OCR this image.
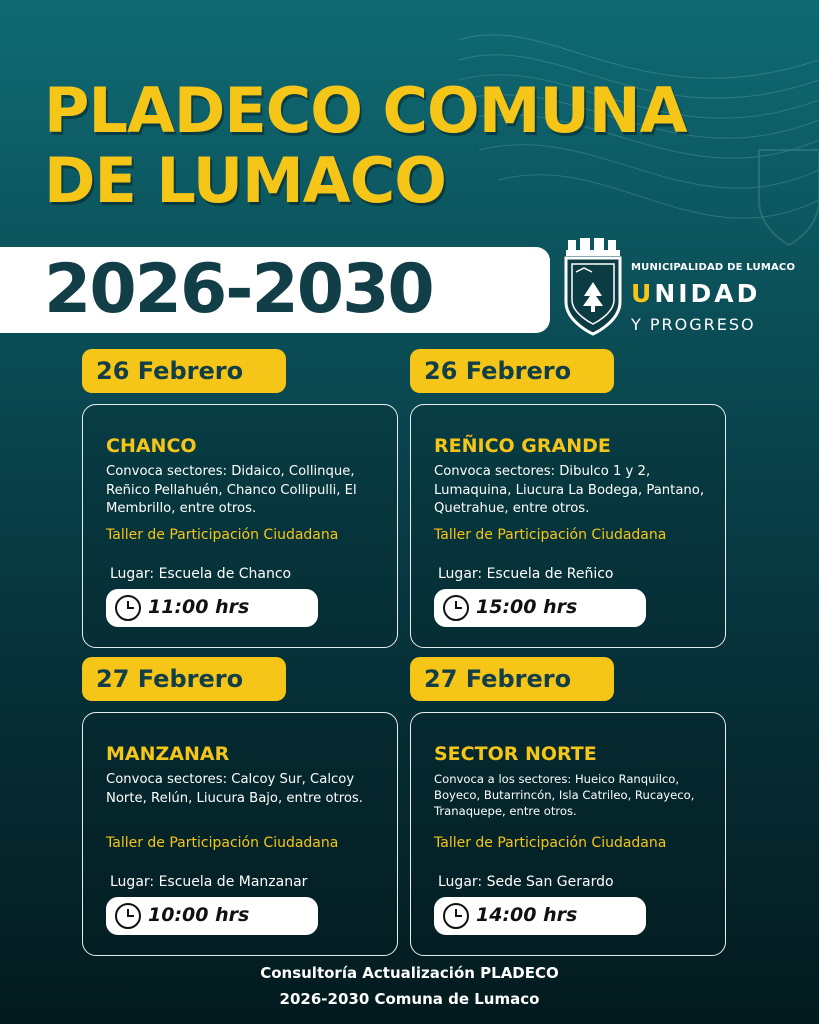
PLADECO COMUNA
DE LUMACO
2026-2030	MUNICIPALIDAD DE LUMACO
UNIDAD
Y PROGRESO
26 Febrero
CHANCO
Convoca sectores: Didaico, Collinque, Reñico Pellahuén, Chanco Collipulli, El Membrillo, entre otros.
Taller de Participación Ciudadana
Lugar: Escuela de Chanco
11:00 hrs
26 Febrero
REÑICO GRANDE
Convoca sectores: Dibulco 1 y 2, Lumaquina, Liucura La Bodega, Pantano, Quetrahue, entre otros.
Taller de Participación Ciudadana
Lugar: Escuela de Reñico
15:00 hrs
27 Febrero
MANZANAR
Convoca sectores: Calcoy Sur, Calcoy Norte, Relún, Liucura Bajo, entre otros.
Taller de Participación Ciudadana
Lugar: Escuela de Manzanar
10:00 hrs
27 Febrero
SECTOR NORTE
Convoca a los sectores: Hueico Ranquilco, Boyeco, Butarrincón, Isla Catrileo, Rucayeco, Tranaquepe, entre otros.
Taller de Participación Ciudadana
Lugar: Sede San Gerardo
14:00 hrs
Consultoría Actualización PLADECO
2026-2030 Comuna de Lumaco
